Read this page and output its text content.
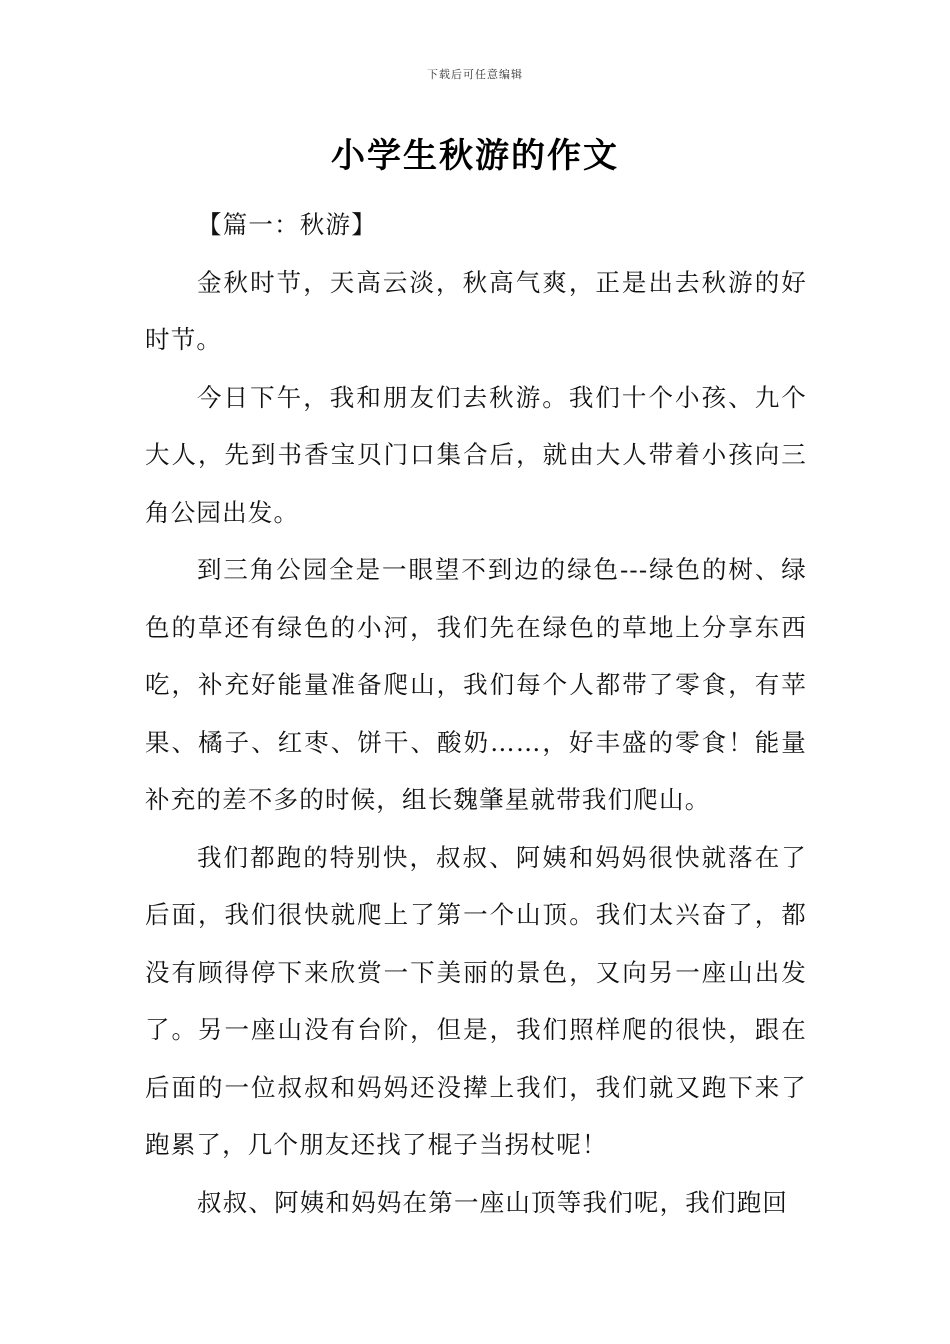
下载后可任意编辑
小学生秋游的作文
【篇一：秋游】

金秋时节，天高云淡，秋高气爽，正是出去秋游的好时节。

今日下午，我和朋友们去秋游。我们十个小孩、九个大人，先到书香宝贝门口集合后，就由大人带着小孩向三角公园出发。

到三角公园全是一眼望不到边的绿色---绿色的树、绿色的草还有绿色的小河，我们先在绿色的草地上分享东西吃，补充好能量准备爬山，我们每个人都带了零食，有苹果、橘子、红枣、饼干、酸奶……，好丰盛的零食！能量补充的差不多的时候，组长魏肇星就带我们爬山。

我们都跑的特别快，叔叔、阿姨和妈妈很快就落在了后面，我们很快就爬上了第一个山顶。我们太兴奋了，都没有顾得停下来欣赏一下美丽的景色，又向另一座山出发了。另一座山没有台阶，但是，我们照样爬的很快，跟在后面的一位叔叔和妈妈还没撵上我们，我们就又跑下来了跑累了，几个朋友还找了棍子当拐杖呢！

叔叔、阿姨和妈妈在第一座山顶等我们呢，我们跑回
